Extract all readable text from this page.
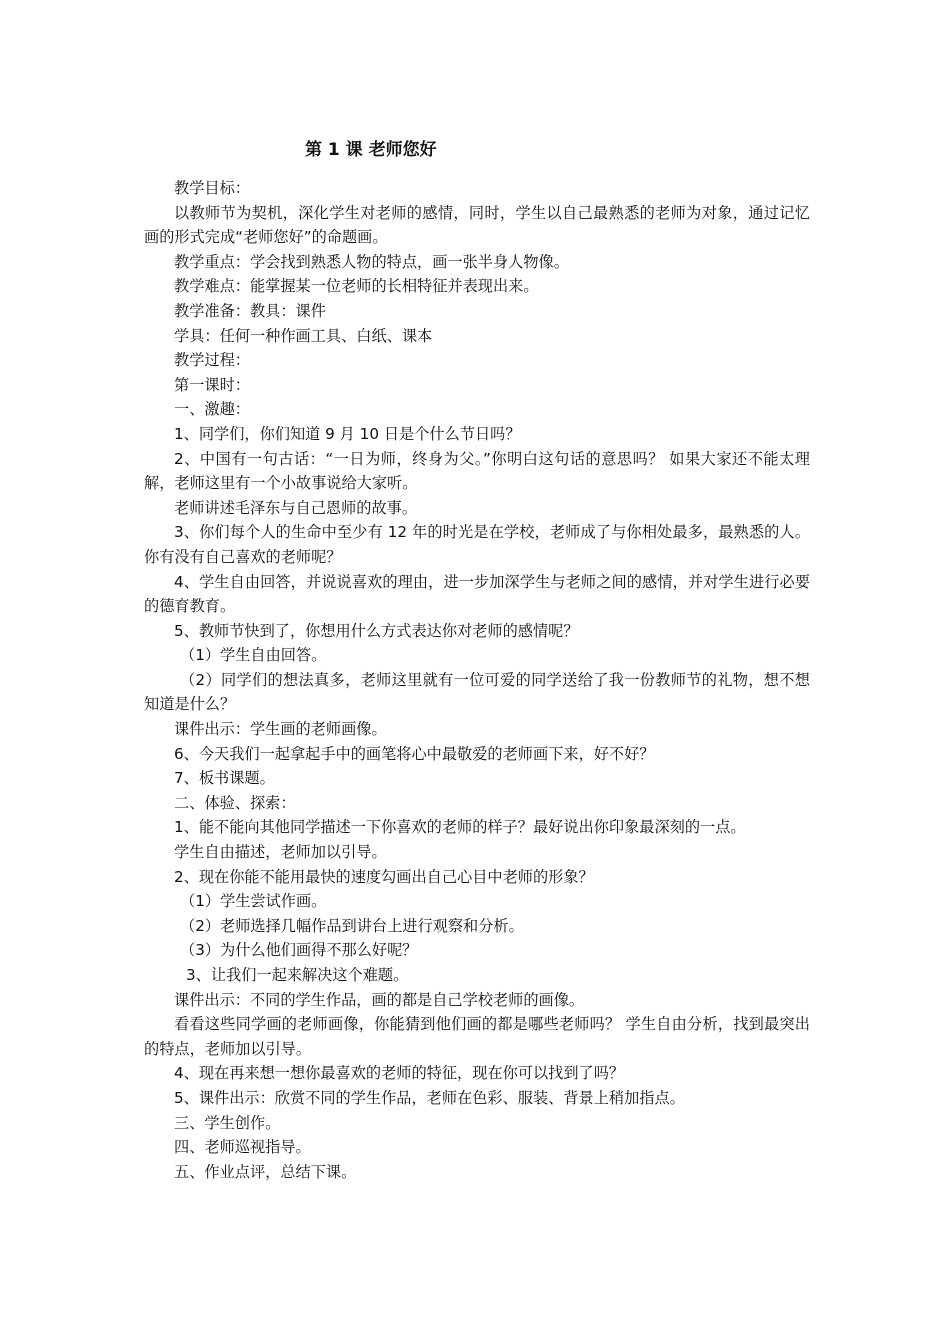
第 1 课 老师您好

教学目标：

以教师节为契机，深化学生对老师的感情，同时，学生以自己最熟悉的老师为对象，通过记忆画的形式完成“老师您好”的命题画。

教学重点：学会找到熟悉人物的特点，画一张半身人物像。

教学难点：能掌握某一位老师的长相特征并表现出来。

教学准备：教具：课件

学具：任何一种作画工具、白纸、课本

教学过程：

第一课时：

一、激趣：

1、同学们，你们知道 9 月 10 日是个什么节日吗？

2、中国有一句古话：“一日为师，终身为父。”你明白这句话的意思吗？ 如果大家还不能太理解，老师这里有一个小故事说给大家听。

老师讲述毛泽东与自己恩师的故事。

3、你们每个人的生命中至少有 12 年的时光是在学校，老师成了与你相处最多，最熟悉的人。你有没有自己喜欢的老师呢？

4、学生自由回答，并说说喜欢的理由，进一步加深学生与老师之间的感情，并对学生进行必要的德育教育。

5、教师节快到了，你想用什么方式表达你对老师的感情呢？

（1）学生自由回答。

（2）同学们的想法真多，老师这里就有一位可爱的同学送给了我一份教师节的礼物，想不想知道是什么？

课件出示：学生画的老师画像。

6、今天我们一起拿起手中的画笔将心中最敬爱的老师画下来，好不好？

7、板书课题。

二、体验、探索：

1、能不能向其他同学描述一下你喜欢的老师的样子？最好说出你印象最深刻的一点。

学生自由描述，老师加以引导。

2、现在你能不能用最快的速度勾画出自己心目中老师的形象？

（1）学生尝试作画。

（2）老师选择几幅作品到讲台上进行观察和分析。

（3）为什么他们画得不那么好呢？

3、让我们一起来解决这个难题。

课件出示：不同的学生作品，画的都是自己学校老师的画像。

看看这些同学画的老师画像，你能猜到他们画的都是哪些老师吗？ 学生自由分析，找到最突出的特点，老师加以引导。

4、现在再来想一想你最喜欢的老师的特征，现在你可以找到了吗？

5、课件出示：欣赏不同的学生作品，老师在色彩、服装、背景上稍加指点。

三、学生创作。

四、老师巡视指导。

五、作业点评，总结下课。
